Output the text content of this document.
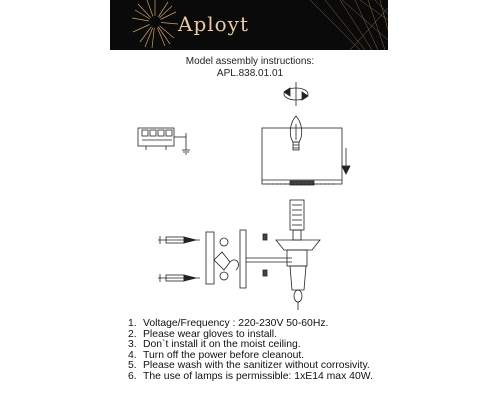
Aployt
Model assembly instructions:
APL.838.01.01
1. Voltage/Frequency : 220-230V 50-60Hz.
2. Please wear gloves to install.
3. Don`t install it on the moist ceiling.
4. Turn off the power before cleanout.
5. Please wash with the sanitizer without corrosivity.
6. The use of lamps is permissible: 1xE14 max 40W.
